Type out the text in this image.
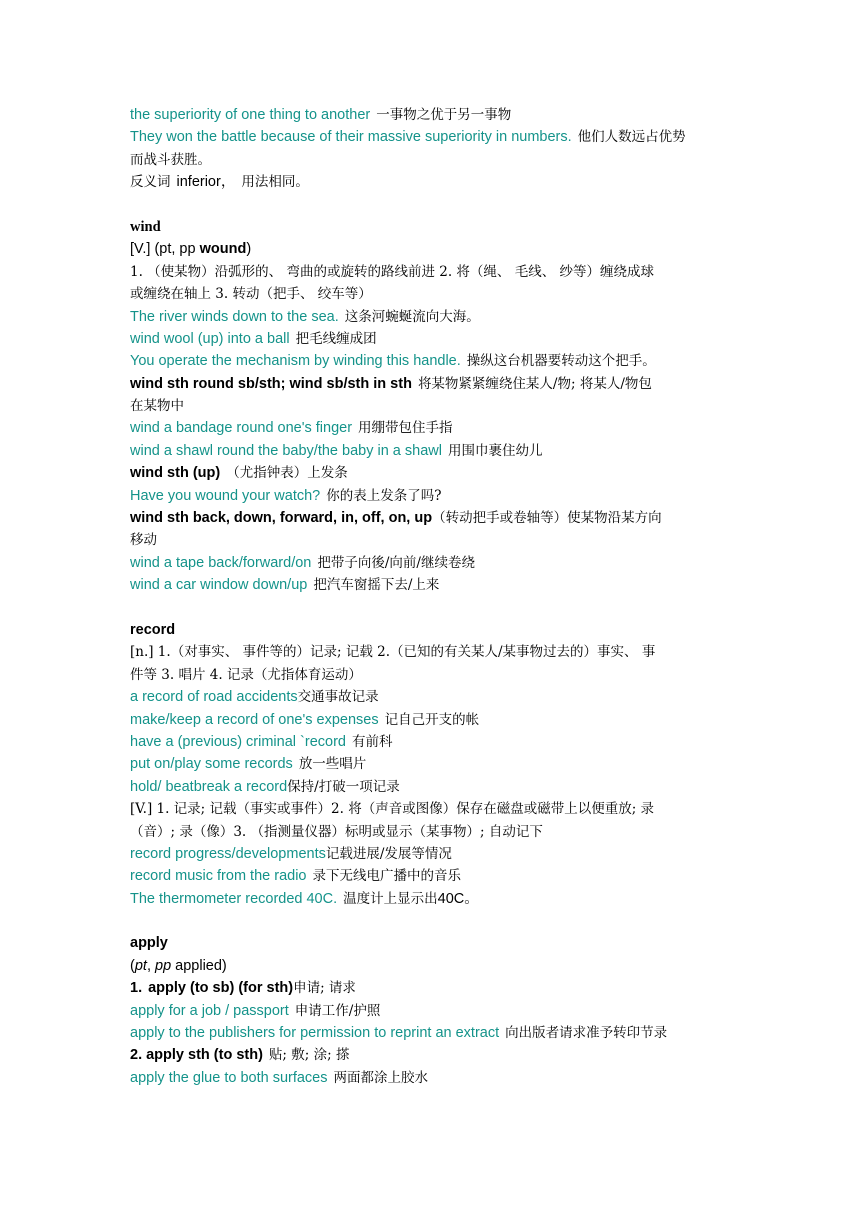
the superiority of one thing to another 一事物之优于另一事物
They won the battle because of their massive superiority in numbers. 他们人数远占优势
而战斗获胜。
反义词 inferior， 用法相同。
wind
[V.] (pt, pp wound)
1. （使某物）沿弧形的、 弯曲的或旋转的路线前进 2. 将（绳、 毛线、 纱等）缠绕成球
或缠绕在轴上 3. 转动（把手、 绞车等）
The river winds down to the sea. 这条河蜿蜒流向大海。
wind wool (up) into a ball 把毛线缠成团
You operate the mechanism by winding this handle. 操纵这台机器要转动这个把手。
wind sth round sb/sth; wind sb/sth in sth 将某物紧紧缠绕住某人/物; 将某人/物包
在某物中
wind a bandage round one's finger 用绷带包住手指
wind a shawl round the baby/the baby in a shawl 用围巾裹住幼儿
wind sth (up) （尤指钟表）上发条
Have you wound your watch? 你的表上发条了吗?
wind sth back, down, forward, in, off, on, up（转动把手或卷轴等）使某物沿某方向
移动
wind a tape back/forward/on 把带子向後/向前/继续卷绕
wind a car window down/up 把汽车窗摇下去/上来
record
[n.] 1.（对事实、 事件等的）记录; 记载 2.（已知的有关某人/某事物过去的）事实、 事
件等 3. 唱片 4. 记录（尤指体育运动）
a record of road accidents交通事故记录
make/keep a record of one's expenses 记自己开支的帐
have a (previous) criminal `record 有前科
put on/play some records 放一些唱片
hold/ beatbreak a record保持/打破一项记录
[V.] 1. 记录; 记载（事实或事件）2. 将（声音或图像）保存在磁盘或磁带上以便重放; 录
（音）; 录（像）3. （指测量仪器）标明或显示（某事物）; 自动记下
record progress/developments记载进展/发展等情况
record music from the radio 录下无线电广播中的音乐
The thermometer recorded 40C. 温度计上显示出40C。
apply
(pt, pp applied)
1. apply (to sb) (for sth)申请; 请求
apply for a job / passport 申请工作/护照
apply to the publishers for permission to reprint an extract 向出版者请求准予转印节录
2. apply sth (to sth) 贴; 敷; 涂; 搽
apply the glue to both surfaces 两面都涂上胶水
